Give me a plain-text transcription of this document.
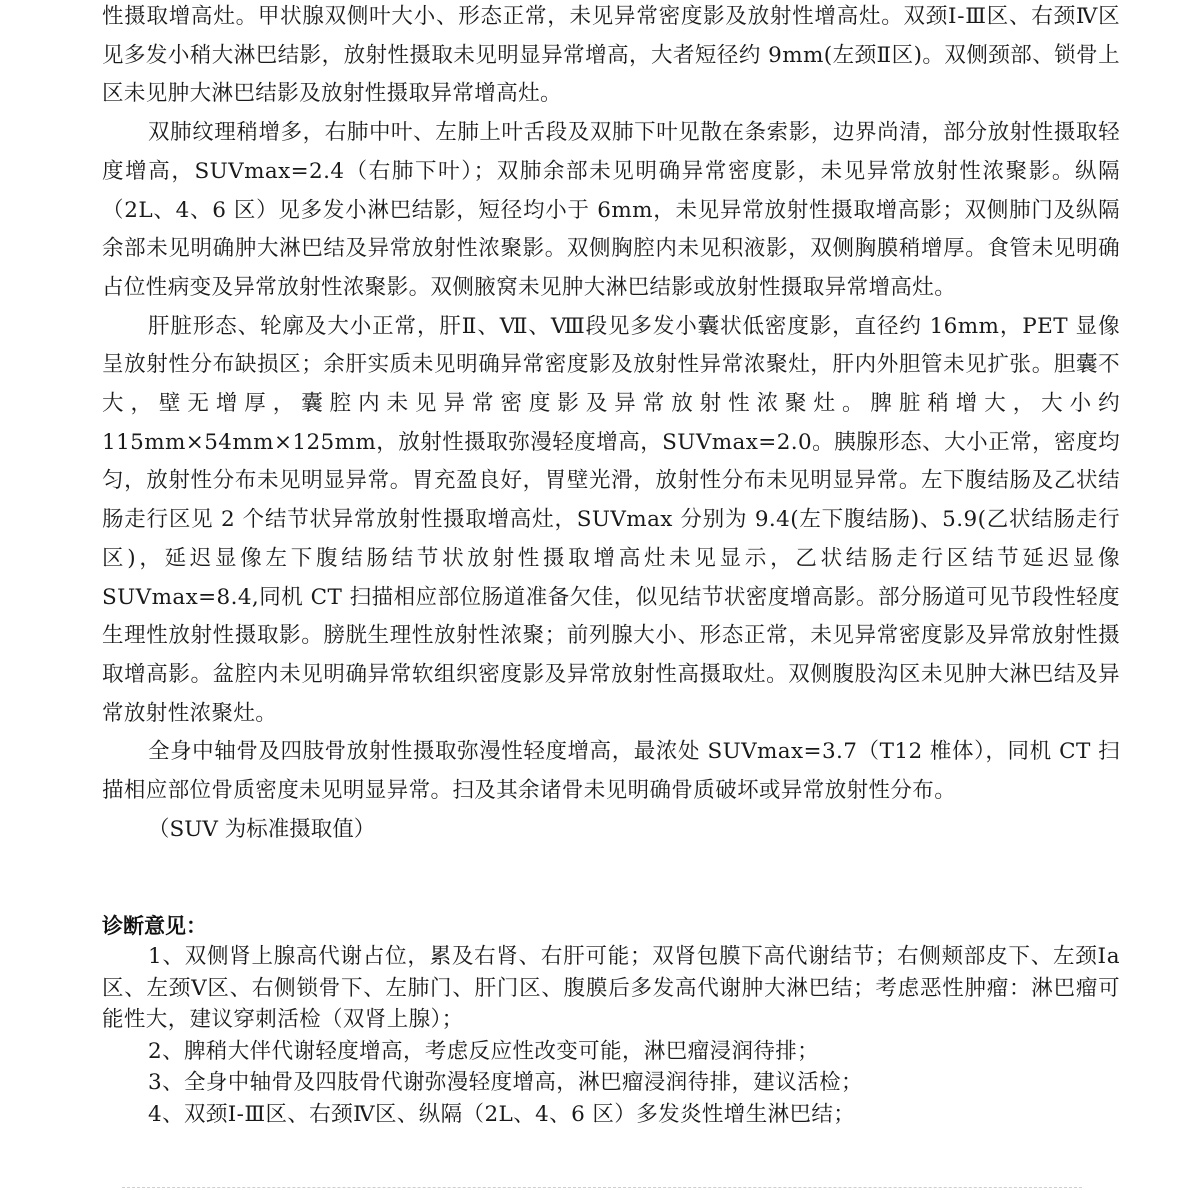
性摄取增高灶。甲状腺双侧叶大小、形态正常，未见异常密度影及放射性增高灶。双颈Ⅰ-Ⅲ区、右颈Ⅳ区见多发小稍大淋巴结影，放射性摄取未见明显异常增高，大者短径约 9mm(左颈Ⅱ区)。双侧颈部、锁骨上区未见肿大淋巴结影及放射性摄取异常增高灶。

双肺纹理稍增多，右肺中叶、左肺上叶舌段及双肺下叶见散在条索影，边界尚清，部分放射性摄取轻度增高，SUVmax=2.4（右肺下叶）；双肺余部未见明确异常密度影，未见异常放射性浓聚影。纵隔（2L、4、6 区）见多发小淋巴结影，短径均小于 6mm，未见异常放射性摄取增高影；双侧肺门及纵隔余部未见明确肿大淋巴结及异常放射性浓聚影。双侧胸腔内未见积液影，双侧胸膜稍增厚。食管未见明确占位性病变及异常放射性浓聚影。双侧腋窝未见肿大淋巴结影或放射性摄取异常增高灶。

肝脏形态、轮廓及大小正常，肝Ⅱ、Ⅶ、Ⅷ段见多发小囊状低密度影，直径约 16mm，PET 显像呈放射性分布缺损区；余肝实质未见明确异常密度影及放射性异常浓聚灶，肝内外胆管未见扩张。胆囊不大，壁无增厚，囊腔内未见异常密度影及异常放射性浓聚灶。脾脏稍增大，大小约 115mm×54mm×125mm，放射性摄取弥漫轻度增高，SUVmax=2.0。胰腺形态、大小正常，密度均匀，放射性分布未见明显异常。胃充盈良好，胃壁光滑，放射性分布未见明显异常。左下腹结肠及乙状结肠走行区见 2 个结节状异常放射性摄取增高灶，SUVmax 分别为 9.4(左下腹结肠)、5.9(乙状结肠走行区)，延迟显像左下腹结肠结节状放射性摄取增高灶未见显示，乙状结肠走行区结节延迟显像 SUVmax=8.4,同机 CT 扫描相应部位肠道准备欠佳，似见结节状密度增高影。部分肠道可见节段性轻度生理性放射性摄取影。膀胱生理性放射性浓聚；前列腺大小、形态正常，未见异常密度影及异常放射性摄取增高影。盆腔内未见明确异常软组织密度影及异常放射性高摄取灶。双侧腹股沟区未见肿大淋巴结及异常放射性浓聚灶。

全身中轴骨及四肢骨放射性摄取弥漫性轻度增高，最浓处 SUVmax=3.7（T12 椎体），同机 CT 扫描相应部位骨质密度未见明显异常。扫及其余诸骨未见明确骨质破坏或异常放射性分布。

（SUV 为标准摄取值）

诊断意见：
1、双侧肾上腺高代谢占位，累及右肾、右肝可能；双肾包膜下高代谢结节；右侧颊部皮下、左颈Ⅰa 区、左颈Ⅴ区、右侧锁骨下、左肺门、肝门区、腹膜后多发高代谢肿大淋巴结；考虑恶性肿瘤：淋巴瘤可能性大，建议穿刺活检（双肾上腺）；
2、脾稍大伴代谢轻度增高，考虑反应性改变可能，淋巴瘤浸润待排；
3、全身中轴骨及四肢骨代谢弥漫轻度增高，淋巴瘤浸润待排，建议活检；
4、双颈Ⅰ-Ⅲ区、右颈Ⅳ区、纵隔（2L、4、6 区）多发炎性增生淋巴结；
